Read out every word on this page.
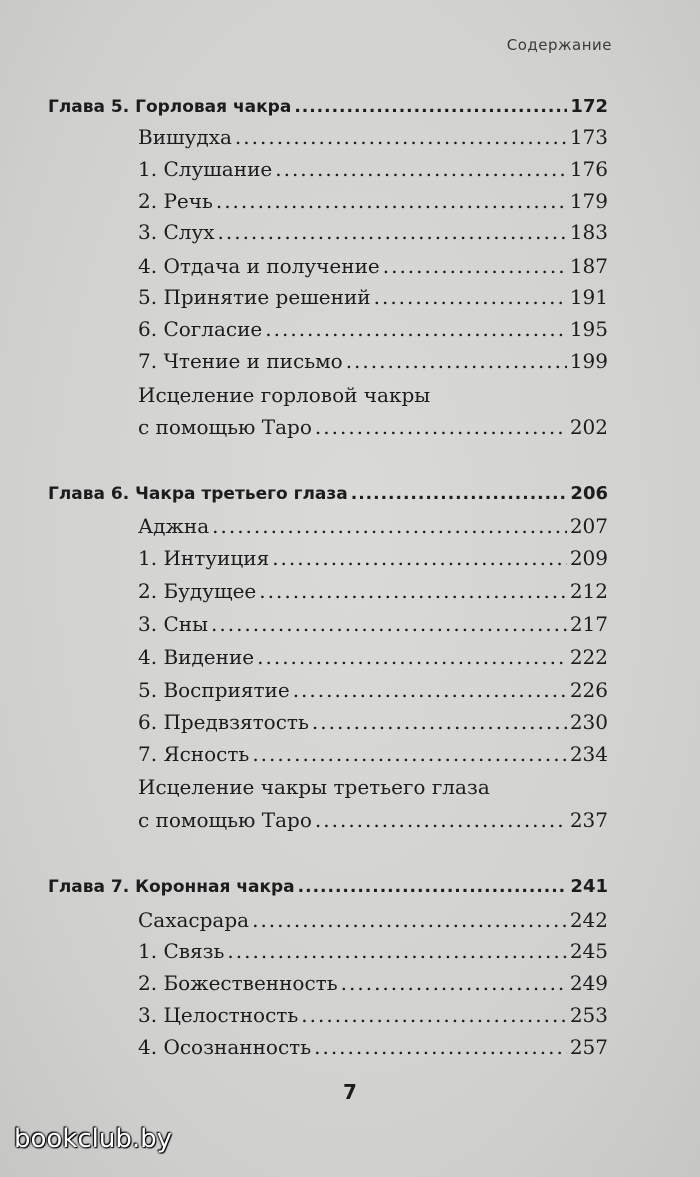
Содержание
Глава 5. Горловая чакра .....	172
Вишудха .....	173
1. Слушание .....	176
2. Речь .....	179
3. Слух .....	183
4. Отдача и получение .....	187
5. Принятие решений .....	191
6. Согласие .....	195
7. Чтение и письмо .....	199
Исцеление горловой чакры
с помощью Таро .....	202
Глава 6. Чакра третьего глаза .....	206
Аджна .....	207
1. Интуиция .....	209
2. Будущее .....	212
3. Сны .....	217
4. Видение .....	222
5. Восприятие .....	226
6. Предвзятость .....	230
7. Ясность .....	234
Исцеление чакры третьего глаза
с помощью Таро .....	237
Глава 7. Коронная чакра .....	241
Сахасрара .....	242
1. Связь .....	245
2. Божественность .....	249
3. Целостность .....	253
4. Осознанность .....	257
7
bookclub.by
